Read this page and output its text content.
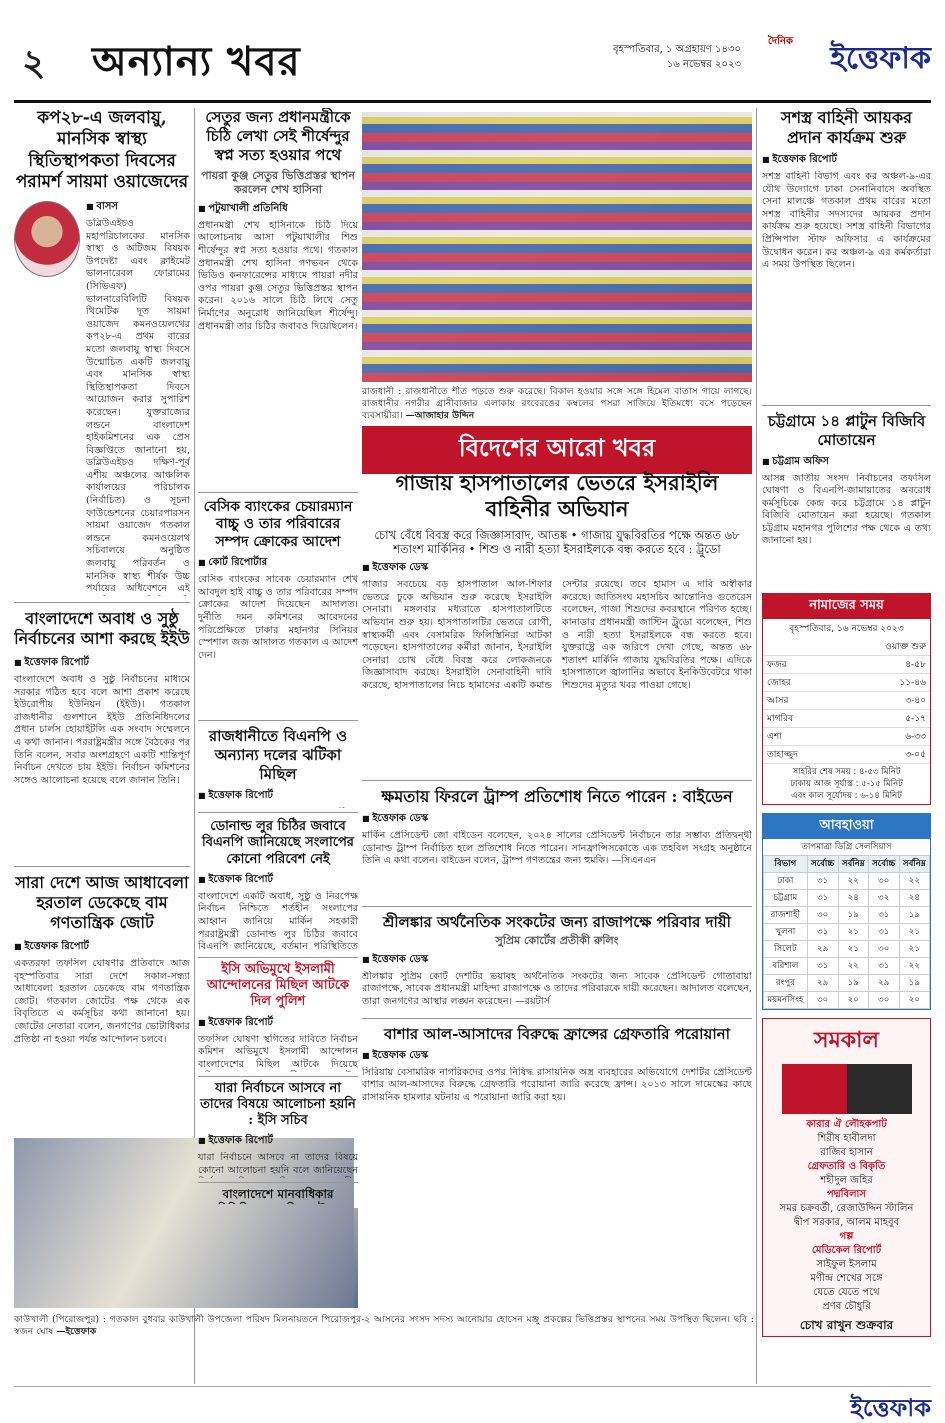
২ অন্যান্য খবর	বৃহস্পতিবার, ১ অগ্রহায়ণ ১৪৩০
১৬ নভেম্বর ২০২৩
দৈনিক ইত্তেফাক
কপ২৮-এ জলবায়ু, মানসিক স্বাস্থ্য স্থিতিস্থাপকতা দিবসের পরামর্শ সায়মা ওয়াজেদের
■ বাসস
ডব্লিউএইচও মহাপরিচালকের মানসিক স্বাস্থ্য ও অটিজম বিষয়ক উপদেষ্টা এবং ক্লাইমেট ভালনারেবল ফোরামের (সিভিএফ) ভালনারেবিলিটি বিষয়ক থিমেটিক দূত সায়মা ওয়াজেদ কমনওয়েলথের কপ২৮-এ প্রথম বারের মতো জলবায়ু স্বাস্থ্য দিবসে উন্মোচিত একটি জলবায়ু এবং মানসিক স্বাস্থ্য স্থিতিস্থাপকতা দিবসে আয়োজন করার সুপারিশ করেছেন। যুক্তরাজ্যের লন্ডনে বাংলাদেশ হাইকমিশনের এক প্রেস বিজ্ঞপ্তিতে জানানো হয়, ডব্লিউএইচও দক্ষিণ-পূর্ব এশীয় অঞ্চলের আঞ্চলিক কার্যালয়ের পরিচালক (নির্বাচিত) ও সূচনা ফাউন্ডেশনের চেয়ারপারসন সায়মা ওয়াজেদ গতকাল লন্ডনে কমনওয়েলথ সচিবালয়ে অনুষ্ঠিত জলবায়ু পরিবর্তন ও মানসিক স্বাস্থ্য শীর্ষক উচ্চ পর্যায়ের অধিবেশনে এই
বাংলাদেশে অবাধ ও সুষ্ঠু নির্বাচনের আশা করছে ইইউ
■ ইত্তেফাক রিপোর্ট
বাংলাদেশে অবাধ ও সুষ্ঠু নির্বাচনের মাধ্যমে সরকার গঠিত হবে বলে আশা প্রকাশ করেছে ইউরোপীয় ইউনিয়ন (ইইউ)। গতকাল রাজধানীর গুলশানে ইইউ প্রতিনিধিদলের প্রধান চার্লস হোয়াইটলি এক সংবাদ সম্মেলনে এ কথা জানান। পররাষ্ট্রমন্ত্রীর সঙ্গে বৈঠকের পর তিনি বলেন, সবার অংশগ্রহণে একটি শান্তিপূর্ণ নির্বাচন দেখতে চায় ইইউ। নির্বাচন কমিশনের সঙ্গেও আলোচনা হয়েছে বলে জানান তিনি।
সারা দেশে আজ আধাবেলা হরতাল ডেকেছে বাম গণতান্ত্রিক জোট
■ ইত্তেফাক রিপোর্ট
একতরফা তফসিল ঘোষণার প্রতিবাদে আজ বৃহস্পতিবার সারা দেশে সকাল-সন্ধ্যা আধাবেলা হরতাল ডেকেছে বাম গণতান্ত্রিক জোট। গতকাল জোটের পক্ষ থেকে এক বিবৃতিতে এ কর্মসূচির কথা জানানো হয়। জোটের নেতারা বলেন, জনগণের ভোটাধিকার প্রতিষ্ঠা না হওয়া পর্যন্ত আন্দোলন চলবে।
সেতুর জন্য প্রধানমন্ত্রীকে চিঠি লেখা সেই শীর্ষেন্দুর স্বপ্ন সত্য হওয়ার পথে
পায়রা কুঞ্জ সেতুর ভিত্তিপ্রস্তর স্থাপন করলেন শেখ হাসিনা
■ পটুয়াখালী প্রতিনিধি
প্রধানমন্ত্রী শেখ হাসিনাকে চিঠি দিয়ে আলোচনায় আসা পটুয়াখালীর শিশু শীর্ষেন্দুর স্বপ্ন সত্য হওয়ার পথে। গতকাল প্রধানমন্ত্রী শেখ হাসিনা গণভবন থেকে ভিডিও কনফারেন্সের মাধ্যমে পায়রা নদীর ওপর পায়রা কুঞ্জ সেতুর ভিত্তিপ্রস্তর স্থাপন করেন। ২০১৬ সালে চিঠি লিখে সেতু নির্মাণের অনুরোধ জানিয়েছিল শীর্ষেন্দু। প্রধানমন্ত্রী তার চিঠির জবাবও দিয়েছিলেন।
বেসিক ব্যাংকের চেয়ারম্যান বাচ্চু ও তার পরিবারের সম্পদ ক্রোকের আদেশ
■ কোর্ট রিপোর্টার
বেসিক ব্যাংকের সাবেক চেয়ারম্যান শেখ আবদুল হাই বাচ্চু ও তার পরিবারের সম্পদ ক্রোকের আদেশ দিয়েছেন আদালত। দুর্নীতি দমন কমিশনের আবেদনের পরিপ্রেক্ষিতে ঢাকার মহানগর সিনিয়র স্পেশাল জজ আদালত গতকাল এ আদেশ দেন।
রাজধানীতে বিএনপি ও অন্যান্য দলের ঝটিকা মিছিল
■ ইত্তেফাক রিপোর্ট
রাজধানী : রাজধানীতে শীত পড়তে শুরু করেছে। বিকাল হওয়ার সঙ্গে সঙ্গে হিমেল বাতাস গায়ে লাগছে। রাজধানীর নগরীর গ্রানীবাজার এলাকায় রংবেরঙের কম্বলের পসরা সাজিয়ে ইতিমধ্যে বসে পড়েছেন ব্যবসায়ীরা। —আজাহার উদ্দিন
বিদেশের আরো খবর
গাজায় হাসপাতালের ভেতরে ইসরাইলি বাহিনীর অভিযান
চোখ বেঁধে বিবস্ত্র করে জিজ্ঞাসাবাদ, আতঙ্ক • গাজায় যুদ্ধবিরতির পক্ষে অন্তত ৬৮ শতাংশ মার্কিনির • শিশু ও নারী হত্যা ইসরাইলকে বন্ধ করতে হবে : ট্রুডো
■ ইত্তেফাক ডেস্ক
গাজার সবচেয়ে বড় হাসপাতাল আল-শিফার ভেতরে ঢুকে অভিযান শুরু করেছে ইসরাইলি সেনারা। মঙ্গলবার মধ্যরাতে হাসপাতালটিতে অভিযান শুরু হয়। হাসপাতালটির ভেতরে রোগী, স্বাস্থ্যকর্মী এবং বেসামরিক ফিলিস্তিনিরা আটকা পড়েছেন। হাসপাতালের কর্মীরা জানান, ইসরাইলি সেনারা চোখ বেঁধে বিবস্ত্র করে লোকজনকে জিজ্ঞাসাবাদ করছে। ইসরাইলি সেনাবাহিনী দাবি করেছে, হাসপাতালের নিচে হামাসের একটি কমান্ড সেন্টার রয়েছে। তবে হামাস এ দাবি অস্বীকার করেছে। জাতিসংঘ মহাসচিব আন্তোনিও গুতেরেস বলেছেন, গাজা শিশুদের কবরস্থানে পরিণত হচ্ছে। কানাডার প্রধানমন্ত্রী জাস্টিন ট্রুডো বলেছেন, শিশু ও নারী হত্যা ইসরাইলকে বন্ধ করতে হবে। যুক্তরাষ্ট্রে এক জরিপে দেখা গেছে, অন্তত ৬৮ শতাংশ মার্কিনি গাজায় যুদ্ধবিরতির পক্ষে। এদিকে হাসপাতালে জ্বালানির অভাবে ইনকিউবেটরে থাকা শিশুদের মৃত্যুর খবর পাওয়া গেছে।
ক্ষমতায় ফিরলে ট্রাম্প প্রতিশোধ নিতে পারেন : বাইডেন
■ ইত্তেফাক ডেস্ক
মার্কিন প্রেসিডেন্ট জো বাইডেন বলেছেন, ২০২৪ সালের প্রেসিডেন্ট নির্বাচনে তার সম্ভাব্য প্রতিদ্বন্দ্বী ডোনাল্ড ট্রাম্প নির্বাচিত হলে প্রতিশোধ নিতে পারেন। সানফ্রান্সিসকোতে এক তহবিল সংগ্রহ অনুষ্ঠানে তিনি এ কথা বলেন। বাইডেন বলেন, ট্রাম্প গণতন্ত্রের জন্য হুমকি। —সিএনএন
শ্রীলঙ্কার অর্থনৈতিক সংকটের জন্য রাজাপক্ষে পরিবার দায়ী
সুপ্রিম কোর্টের প্রতীকী রুলিং
■ ইত্তেফাক ডেস্ক
শ্রীলঙ্কার সুপ্রিম কোর্ট দেশটির ভয়াবহ অর্থনৈতিক সংকটের জন্য সাবেক প্রেসিডেন্ট গোতাবায়া রাজাপক্ষে, সাবেক প্রধানমন্ত্রী মাহিন্দা রাজাপক্ষে ও তাদের পরিবারকে দায়ী করেছেন। আদালত বলেছেন, তারা জনগণের আস্থার লঙ্ঘন করেছেন। —রয়টার্স
বাশার আল-আসাদের বিরুদ্ধে ফ্রান্সের গ্রেফতারি পরোয়ানা
■ ইত্তেফাক ডেস্ক
সিরিয়ায় বেসামরিক নাগরিকদের ওপর নিষিদ্ধ রাসায়নিক অস্ত্র ব্যবহারের অভিযোগে দেশটির প্রেসিডেন্ট বাশার আল-আসাদের বিরুদ্ধে গ্রেফতারি পরোয়ানা জারি করেছে ফ্রান্স। ২০১৩ সালে দামেস্কের কাছে রাসায়নিক হামলার ঘটনায় এ পরোয়ানা জারি করা হয়।
কাউখালী (পিরোজপুর) : গতকাল বুধবার কাউখালী উপজেলা পরিষদ মিলনায়তনে পিরোজপুর-২ আসনের সংসদ সদস্য আনোয়ার হোসেন মঞ্জু প্রকল্পের ভিত্তিপ্রস্তর স্থাপনের সময় উপস্থিত ছিলেন। ছবি : স্বজন ঘোষ —ইত্তেফাক
সশস্ত্র বাহিনী আয়কর প্রদান কার্যক্রম শুরু
■ ইত্তেফাক রিপোর্ট
সশস্ত্র বাহিনী বিভাগ এবং কর অঞ্চল-৯-এর যৌথ উদ্যোগে ঢাকা সেনানিবাসে অবস্থিত সেনা মালঞ্চে গতকাল প্রথম বারের মতো সশস্ত্র বাহিনীর সদস্যদের আয়কর প্রদান কার্যক্রম শুরু হয়েছে। সশস্ত্র বাহিনী বিভাগের প্রিন্সিপাল স্টাফ অফিসার এ কার্যক্রমের উদ্বোধন করেন। কর অঞ্চল-৯ এর কর্মকর্তারা এ সময় উপস্থিত ছিলেন।
চট্টগ্রামে ১৪ প্লাটুন বিজিবি মোতায়েন
■ চট্টগ্রাম অফিস
আসন্ন জাতীয় সংসদ নির্বাচনের তফসিল ঘোষণা ও বিএনপি-জামায়াতের অবরোধ কর্মসূচিকে কেন্দ্র করে চট্টগ্রামে ১৪ প্লাটুন বিজিবি মোতায়েন করা হয়েছে। গতকাল চট্টগ্রাম মহানগর পুলিশের পক্ষ থেকে এ তথ্য জানানো হয়।
নামাজের সময়
বৃহস্পতিবার, ১৬ নভেম্বর ২০২৩
	ওয়াক্ত শুরু
ফজর	৪-৫৮
জোহর	১১-৪৬
আসর	৩-৪০
মাগরিব	৫-১৭
এশা	৬-৩৩
তাহাজ্জুদ	৩-০৫
সাহরির শেষ সময় : ৪-৫৩ মিনিট
ঢাকায় আজ সূর্যাস্ত : ৫-১৫ মিনিট
এবং কাল সূর্যোদয় : ৬-১৪ মিনিট
আবহাওয়া
তাপমাত্রা ডিগ্রি সেলসিয়াস
বিভাগ	সর্বোচ্চ	সর্বনিম্ন	সর্বোচ্চ	সর্বনিম্ন
ঢাকা	৩১	২২	৩০	২২
চট্টগ্রাম	৩১	২৪	৩২	২৪
রাজশাহী	৩০	১৯	৩১	১৯
খুলনা	৩১	২১	৩১	২১
সিলেট	২৯	২১	৩০	২১
বরিশাল	৩১	২২	৩১	২২
রংপুর	২৯	১৯	২৯	১৯
ময়মনসিংহ	৩০	২০	৩০	২০
সমকাল
কারার ঐ লৌহকপাট
শিরীষ হাবীলদা
রাজিব হাসান
গ্রেফতারি ও বিকৃতি
শহীদুল জহির
পদ্মবিলাস
সমর চক্রবর্তী, রেজাউদ্দিন স্টালিন
দ্বীপ সরকার, আলম মাহবুব
গল্প
মেডিকেল রিপোর্ট
সাইফুল ইসলাম
মণীন্দ্র শেখের সঙ্গে
যেতে যেতে পথে
প্রণব চৌধুরি
চোখ রাখুন শুক্রবার
ডোনাল্ড লুর চিঠির জবাবে বিএনপি জানিয়েছে সংলাপের কোনো পরিবেশ নেই
■ ইত্তেফাক রিপোর্ট
বাংলাদেশে একটি অবাধ, সুষ্ঠু ও নিরপেক্ষ নির্বাচন নিশ্চিতে শর্তহীন সংলাপের আহ্বান জানিয়ে মার্কিন সহকারী পররাষ্ট্রমন্ত্রী ডোনাল্ড লুর চিঠির জবাবে বিএনপি জানিয়েছে, বর্তমান পরিস্থিতিতে
ইসি অভিমুখে ইসলামী আন্দোলনের মিছিল আটকে দিল পুলিশ
■ ইত্তেফাক রিপোর্ট
তফসিল ঘোষণা স্থগিতের দাবিতে নির্বাচন কমিশন অভিমুখে ইসলামী আন্দোলন বাংলাদেশের মিছিল আটকে দিয়েছে
যারা নির্বাচনে আসবে না তাদের বিষয়ে আলোচনা হয়নি : ইসি সচিব
■ ইত্তেফাক রিপোর্ট
যারা নির্বাচনে আসবে না তাদের বিষয়ে কোনো আলোচনা হয়নি বলে জানিয়েছেন
বাংলাদেশে মানবাধিকার
ইত্তেফাক
